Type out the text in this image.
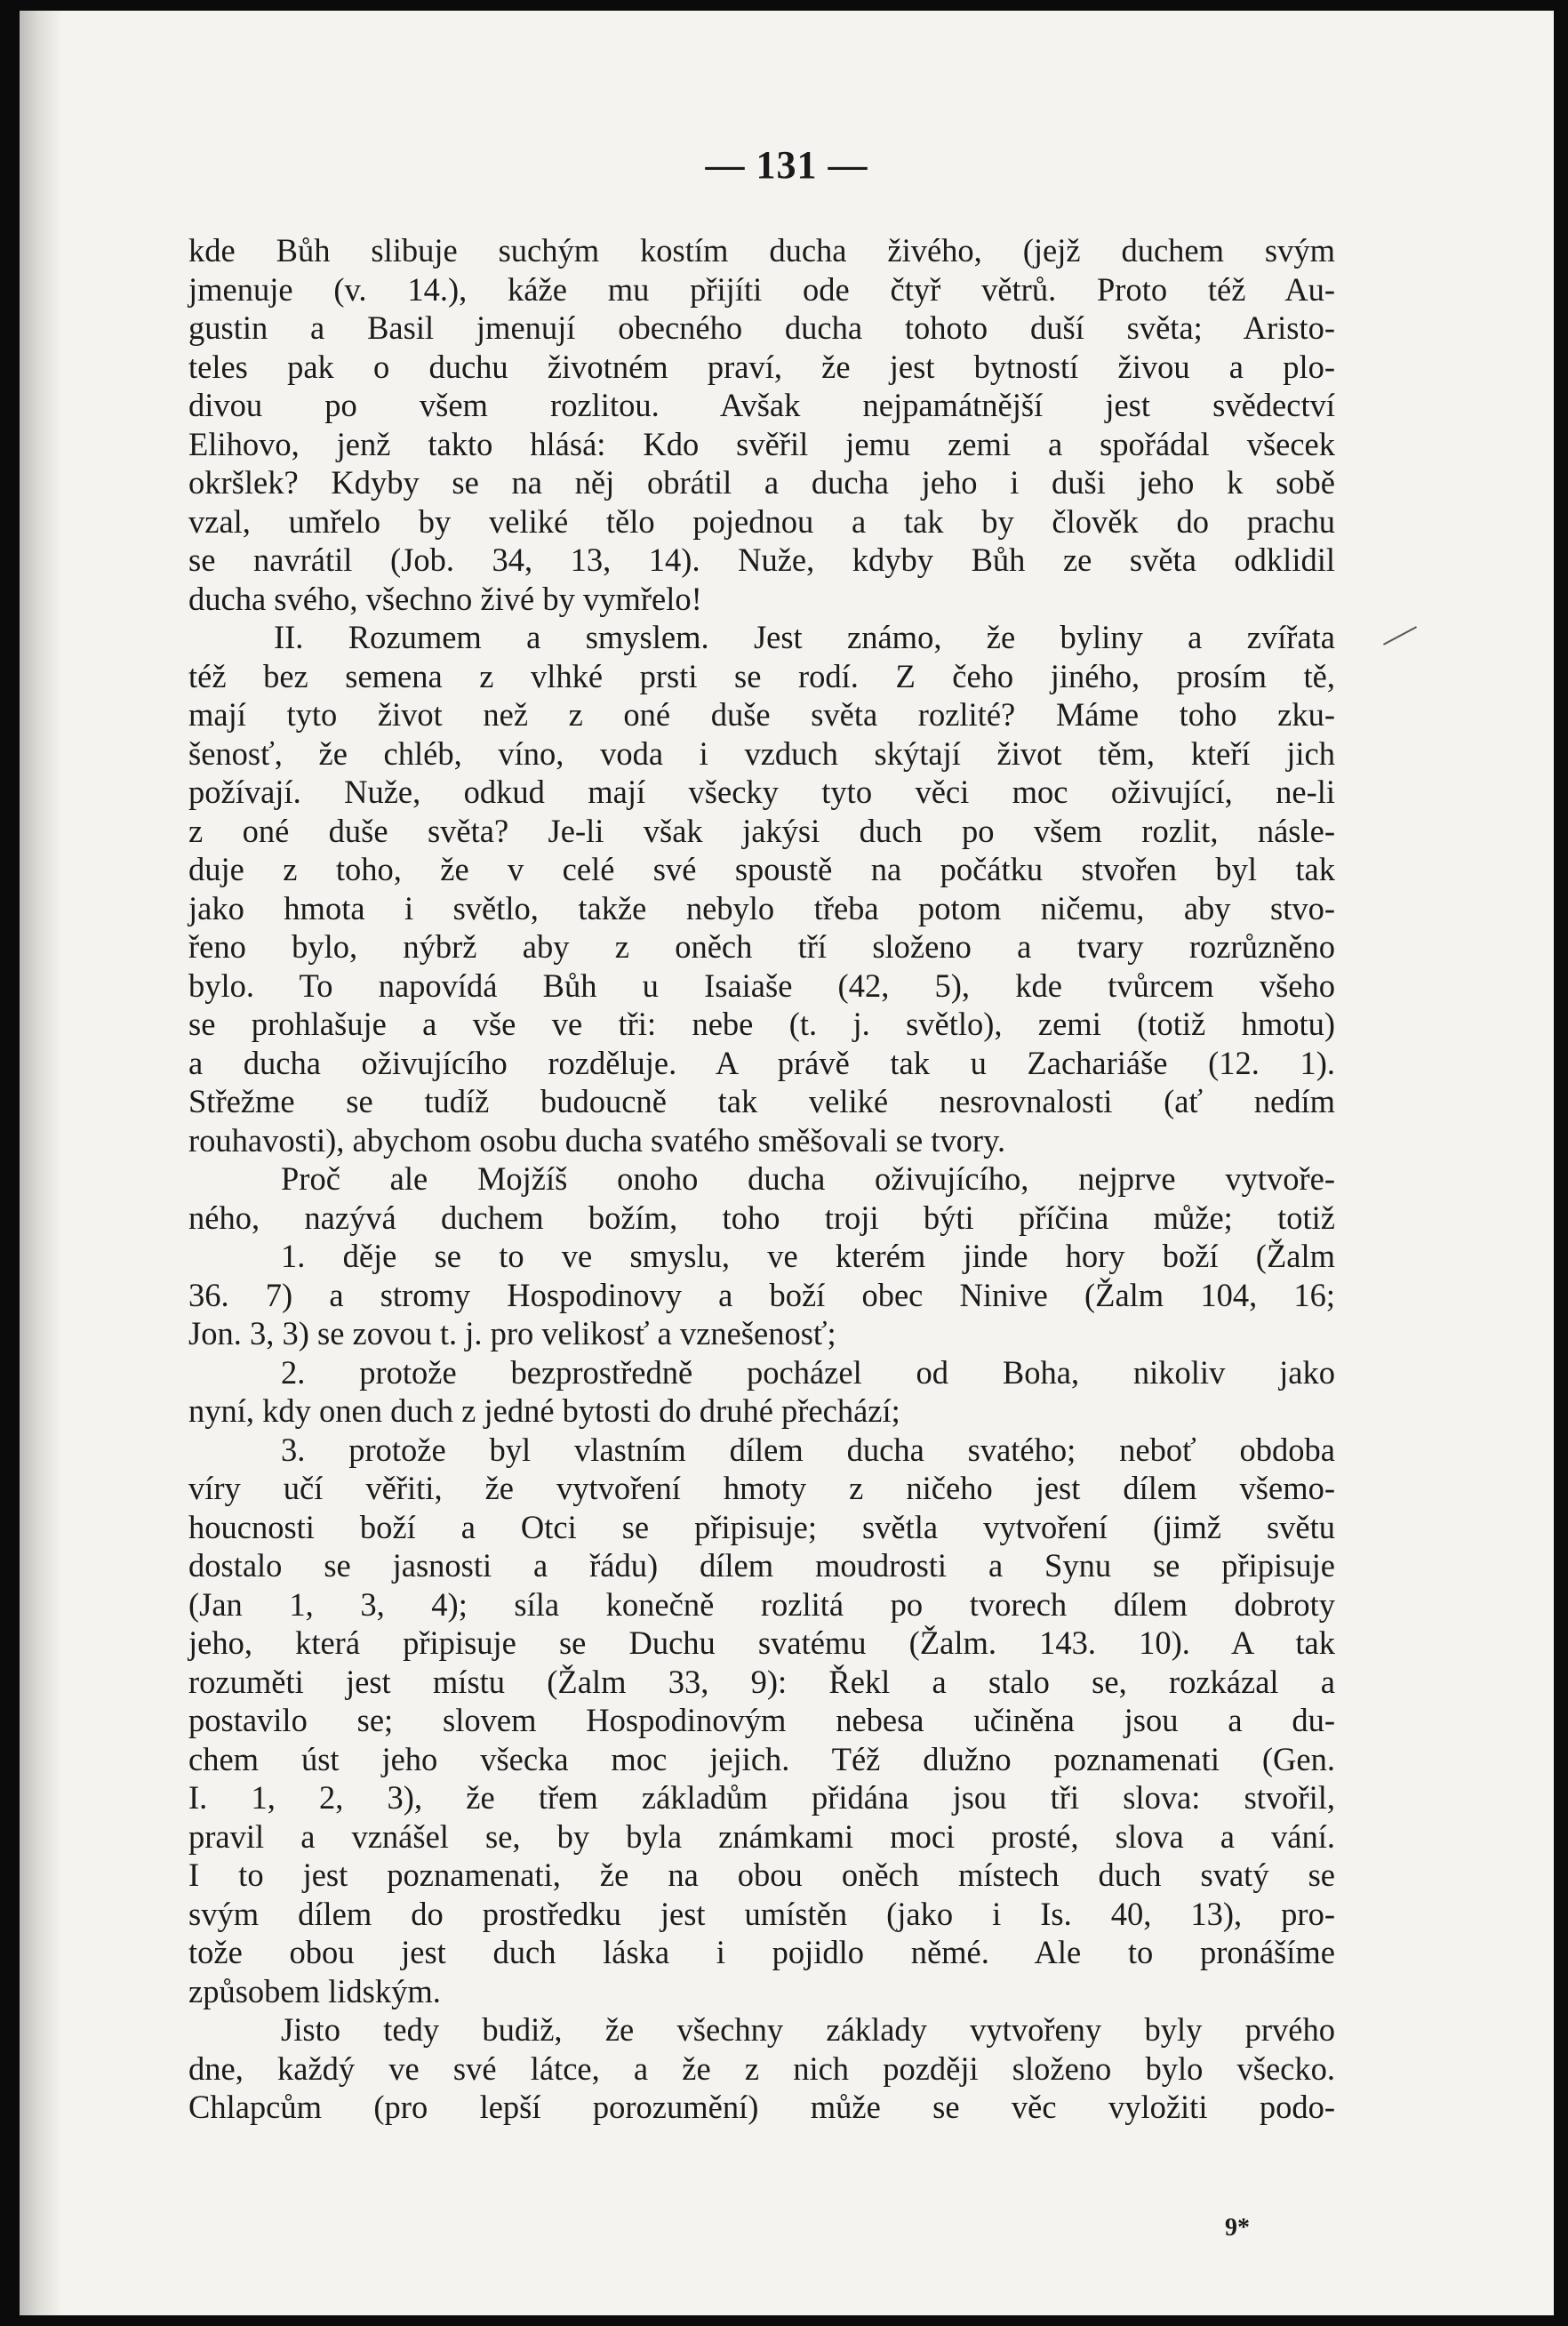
— 131 —
kde Bůh slibuje suchým kostím ducha živého, (jejž duchem svým
jmenuje (v. 14.), káže mu přijíti ode čtyř větrů. Proto též Au-
gustin a Basil jmenují obecného ducha tohoto duší světa; Aristo-
teles pak o duchu životném praví, že jest bytností živou a plo-
divou po všem rozlitou. Avšak nejpamátnější jest svědectví
Elihovo, jenž takto hlásá: Kdo svěřil jemu zemi a spořádal všecek
okršlek? Kdyby se na něj obrátil a ducha jeho i duši jeho k sobě
vzal, umřelo by veliké tělo pojednou a tak by člověk do prachu
se navrátil (Job. 34, 13, 14). Nuže, kdyby Bůh ze světa odklidil
ducha svého, všechno živé by vymřelo!
II. Rozumem a smyslem. Jest známo, že byliny a zvířata
též bez semena z vlhké prsti se rodí. Z čeho jiného, prosím tě,
mají tyto život než z oné duše světa rozlité? Máme toho zku-
šenosť, že chléb, víno, voda i vzduch skýtají život těm, kteří jich
požívají. Nuže, odkud mají všecky tyto věci moc oživující, ne-li
z oné duše světa? Je-li však jakýsi duch po všem rozlit, násle-
duje z toho, že v celé své spoustě na počátku stvořen byl tak
jako hmota i světlo, takže nebylo třeba potom ničemu, aby stvo-
řeno bylo, nýbrž aby z oněch tří složeno a tvary rozrůzněno
bylo. To napovídá Bůh u Isaiaše (42, 5), kde tvůrcem všeho
se prohlašuje a vše ve tři: nebe (t. j. světlo), zemi (totiž hmotu)
a ducha oživujícího rozděluje. A právě tak u Zachariáše (12. 1).
Střežme se tudíž budoucně tak veliké nesrovnalosti (ať nedím
rouhavosti), abychom osobu ducha svatého směšovali se tvory.
Proč ale Mojžíš onoho ducha oživujícího, nejprve vytvoře-
ného, nazývá duchem božím, toho troji býti příčina může; totiž
1. děje se to ve smyslu, ve kterém jinde hory boží (Žalm
36. 7) a stromy Hospodinovy a boží obec Ninive (Žalm 104, 16;
Jon. 3, 3) se zovou t. j. pro velikosť a vznešenosť;
2. protože bezprostředně pocházel od Boha, nikoliv jako
nyní, kdy onen duch z jedné bytosti do druhé přechází;
3. protože byl vlastním dílem ducha svatého; neboť obdoba
víry učí věřiti, že vytvoření hmoty z ničeho jest dílem všemo-
houcnosti boží a Otci se připisuje; světla vytvoření (jimž světu
dostalo se jasnosti a řádu) dílem moudrosti a Synu se připisuje
(Jan 1, 3, 4); síla konečně rozlitá po tvorech dílem dobroty
jeho, která připisuje se Duchu svatému (Žalm. 143. 10). A tak
rozuměti jest místu (Žalm 33, 9): Řekl a stalo se, rozkázal a
postavilo se; slovem Hospodinovým nebesa učiněna jsou a du-
chem úst jeho všecka moc jejich. Též dlužno poznamenati (Gen.
I. 1, 2, 3), že třem základům přidána jsou tři slova: stvořil,
pravil a vznášel se, by byla známkami moci prosté, slova a vání.
I to jest poznamenati, že na obou oněch místech duch svatý se
svým dílem do prostředku jest umístěn (jako i Is. 40, 13), pro-
tože obou jest duch láska i pojidlo němé. Ale to pronášíme
způsobem lidským.
Jisto tedy budiž, že všechny základy vytvořeny byly prvého
dne, každý ve své látce, a že z nich později složeno bylo všecko.
Chlapcům (pro lepší porozumění) může se věc vyložiti podo-
9*
